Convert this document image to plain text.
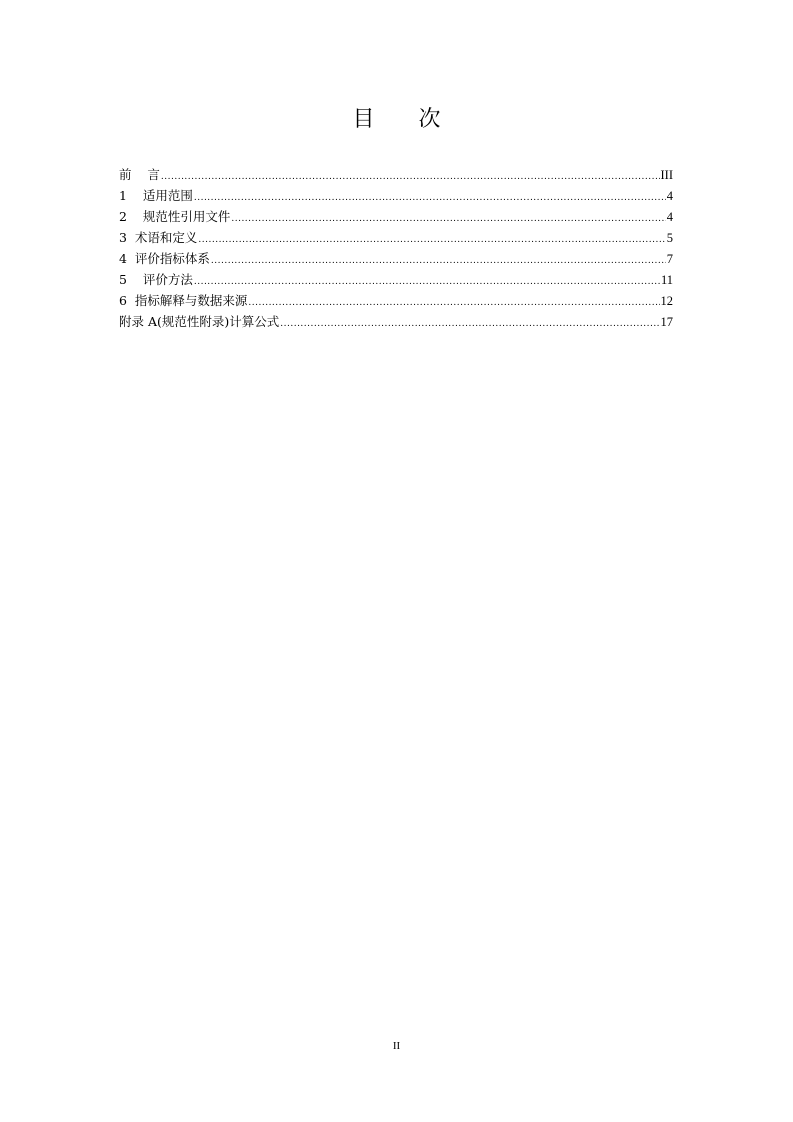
目 次
前    言 .....	III
1    适用范围 .....	4
2    规范性引用文件 .....	4
3  术语和定义 .....	5
4  评价指标体系 .....	7
5    评价方法 .....	11
6  指标解释与数据来源 .....	12
附录 A(规范性附录)计算公式 .....	17
II
